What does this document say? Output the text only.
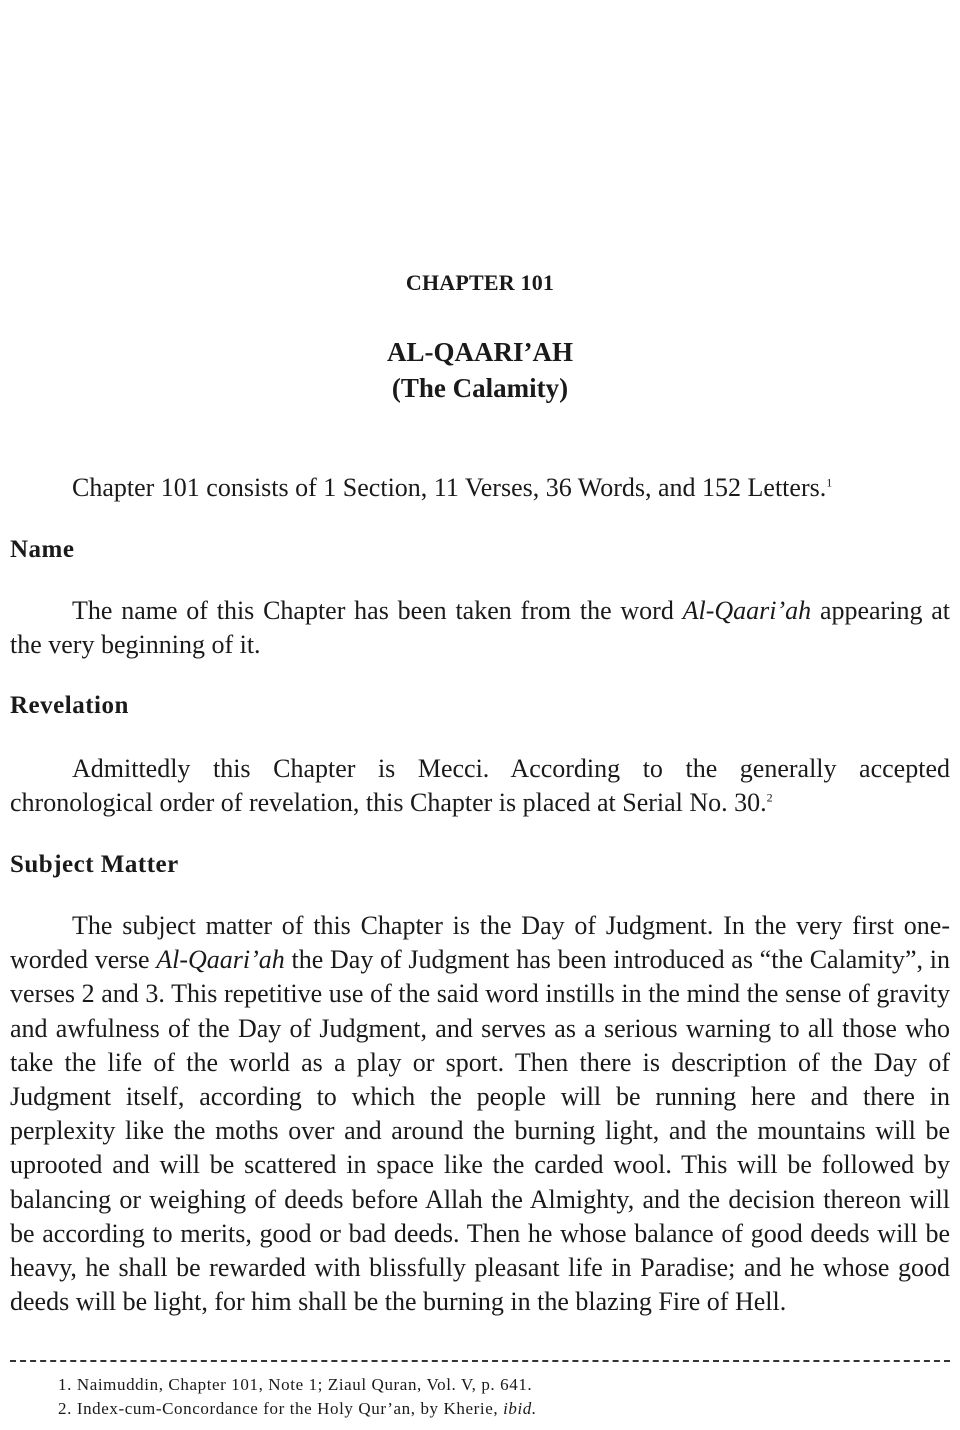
CHAPTER 101
AL-QAARI’AH
(The Calamity)
Chapter 101 consists of 1 Section, 11 Verses, 36 Words, and 152 Letters.$^1$
Name
The name of this Chapter has been taken from the word Al-Qaari’ah appearing at the very beginning of it.
Revelation
Admittedly this Chapter is Mecci. According to the generally accepted chronological order of revelation, this Chapter is placed at Serial No. 30.$^2$
Subject Matter
The subject matter of this Chapter is the Day of Judgment. In the very first one-worded verse Al-Qaari’ah the Day of Judgment has been introduced as “the Calamity”, in verses 2 and 3. This repetitive use of the said word instills in the mind the sense of gravity and awfulness of the Day of Judgment, and serves as a serious warning to all those who take the life of the world as a play or sport. Then there is description of the Day of Judgment itself, according to which the people will be running here and there in perplexity like the moths over and around the burning light, and the mountains will be uprooted and will be scattered in space like the carded wool. This will be followed by balancing or weighing of deeds before Allah the Almighty, and the decision thereon will be according to merits, good or bad deeds. Then he whose balance of good deeds will be heavy, he shall be rewarded with blissfully pleasant life in Paradise; and he whose good deeds will be light, for him shall be the burning in the blazing Fire of Hell.
1. Naimuddin, Chapter 101, Note 1; Ziaul Quran, Vol. V, p. 641.
2. Index-cum-Concordance for the Holy Qur’an, by Kherie, ibid.
